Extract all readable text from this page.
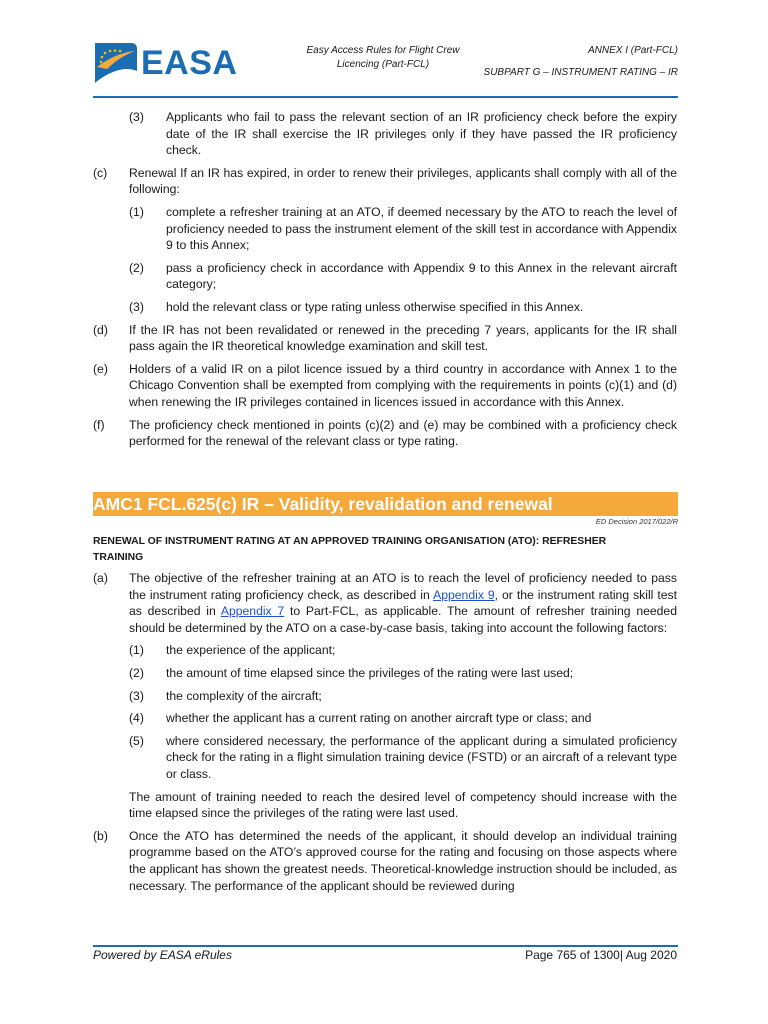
EASA	Easy Access Rules for Flight Crew
Licencing (Part-FCL)
ANNEX I (Part-FCL)
SUBPART G – INSTRUMENT RATING – IR
(3) Applicants who fail to pass the relevant section of an IR proficiency check before the expiry date of the IR shall exercise the IR privileges only if they have passed the IR proficiency check.
(c) Renewal If an IR has expired, in order to renew their privileges, applicants shall comply with all of the following:
(1) complete a refresher training at an ATO, if deemed necessary by the ATO to reach the level of proficiency needed to pass the instrument element of the skill test in accordance with Appendix 9 to this Annex;
(2) pass a proficiency check in accordance with Appendix 9 to this Annex in the relevant aircraft category;
(3) hold the relevant class or type rating unless otherwise specified in this Annex.
(d) If the IR has not been revalidated or renewed in the preceding 7 years, applicants for the IR shall pass again the IR theoretical knowledge examination and skill test.
(e) Holders of a valid IR on a pilot licence issued by a third country in accordance with Annex 1 to the Chicago Convention shall be exempted from complying with the requirements in points (c)(1) and (d) when renewing the IR privileges contained in licences issued in accordance with this Annex.
(f) The proficiency check mentioned in points (c)(2) and (e) may be combined with a proficiency check performed for the renewal of the relevant class or type rating.
AMC1 FCL.625(c) IR – Validity, revalidation and renewal
ED Decision 2017/022/R
RENEWAL OF INSTRUMENT RATING AT AN APPROVED TRAINING ORGANISATION (ATO): REFRESHER TRAINING
(a) The objective of the refresher training at an ATO is to reach the level of proficiency needed to pass the instrument rating proficiency check, as described in Appendix 9, or the instrument rating skill test as described in Appendix 7 to Part-FCL, as applicable. The amount of refresher training needed should be determined by the ATO on a case-by-case basis, taking into account the following factors:
(1) the experience of the applicant;
(2) the amount of time elapsed since the privileges of the rating were last used;
(3) the complexity of the aircraft;
(4) whether the applicant has a current rating on another aircraft type or class; and
(5) where considered necessary, the performance of the applicant during a simulated proficiency check for the rating in a flight simulation training device (FSTD) or an aircraft of a relevant type or class.
The amount of training needed to reach the desired level of competency should increase with the time elapsed since the privileges of the rating were last used.
(b) Once the ATO has determined the needs of the applicant, it should develop an individual training programme based on the ATO’s approved course for the rating and focusing on those aspects where the applicant has shown the greatest needs. Theoretical-knowledge instruction should be included, as necessary. The performance of the applicant should be reviewed during
Powered by EASA eRules	Page 765 of 1300| Aug 2020
